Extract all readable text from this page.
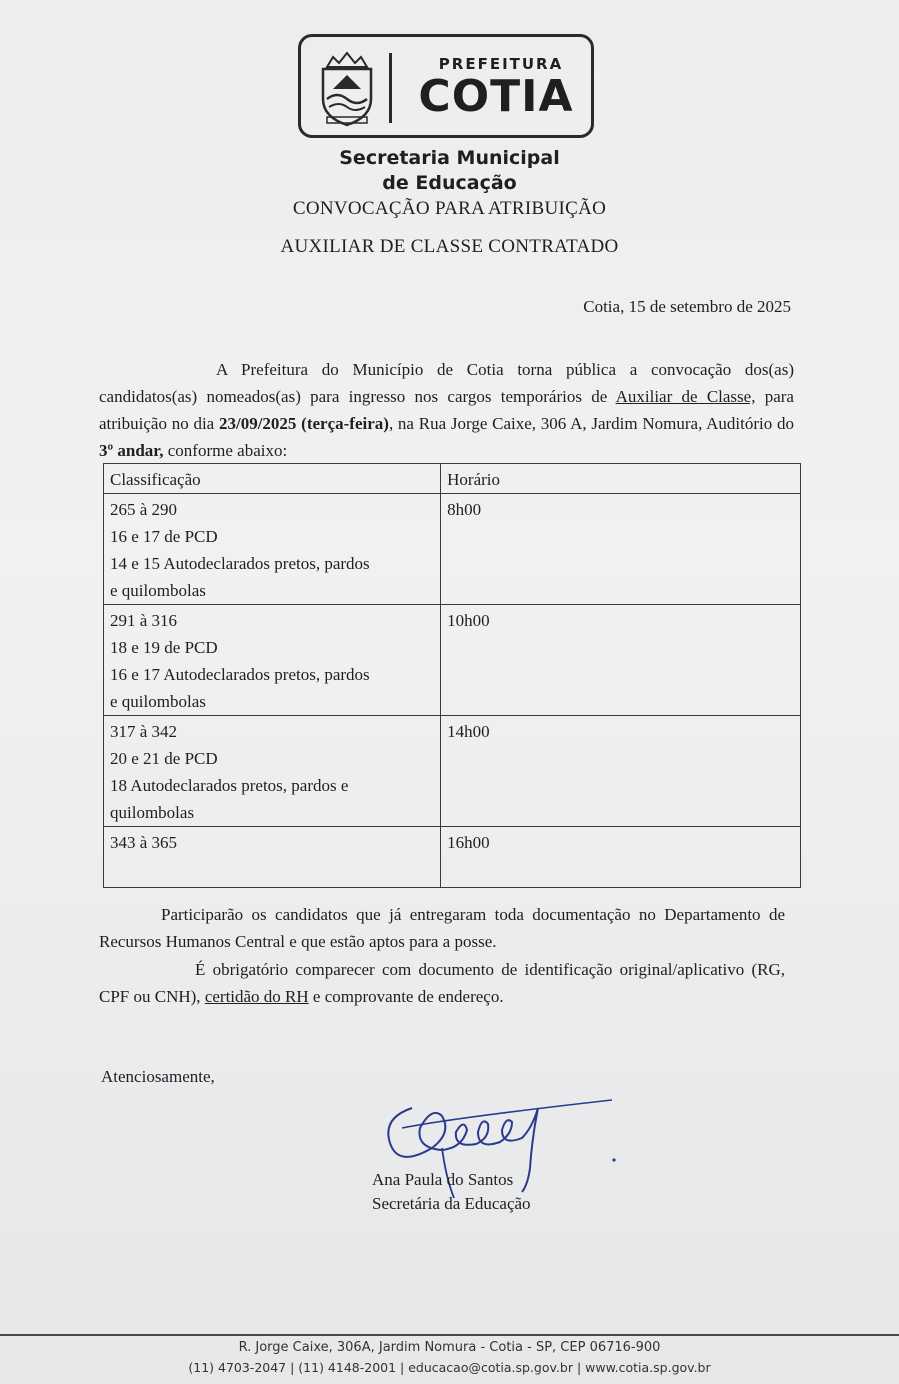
PREFEITURA
COTIA
Secretaria Municipal
de Educação
CONVOCAÇÃO PARA ATRIBUIÇÃO
AUXILIAR DE CLASSE CONTRATADO
Cotia, 15 de setembro de 2025
A Prefeitura do Município de Cotia torna pública a convocação dos(as) candidatos(as) nomeados(as) para ingresso nos cargos temporários de Auxiliar de Classe, para atribuição no dia 23/09/2025 (terça-feira), na Rua Jorge Caixe, 306 A, Jardim Nomura, Auditório do 3º andar, conforme abaixo:
Classificação	Horário

265 à 290
16 e 17 de PCD
14 e 15 Autodeclarados pretos, pardos
e quilombolas	8h00

291 à 316
18 e 19 de PCD
16 e 17 Autodeclarados pretos, pardos
e quilombolas	10h00

317 à 342
20 e 21 de PCD
18 Autodeclarados pretos, pardos e
quilombolas	14h00

343 à 365	16h00
Participarão os candidatos que já entregaram toda documentação no Departamento de Recursos Humanos Central e que estão aptos para a posse.
É obrigatório comparecer com documento de identificação original/aplicativo (RG, CPF ou CNH), certidão do RH e comprovante de endereço.
Atenciosamente,
Ana Paula do Santos
Secretária da Educação
R. Jorge Caixe, 306A, Jardim Nomura - Cotia - SP, CEP 06716-900
(11) 4703-2047 | (11) 4148-2001 | educacao@cotia.sp.gov.br | www.cotia.sp.gov.br
